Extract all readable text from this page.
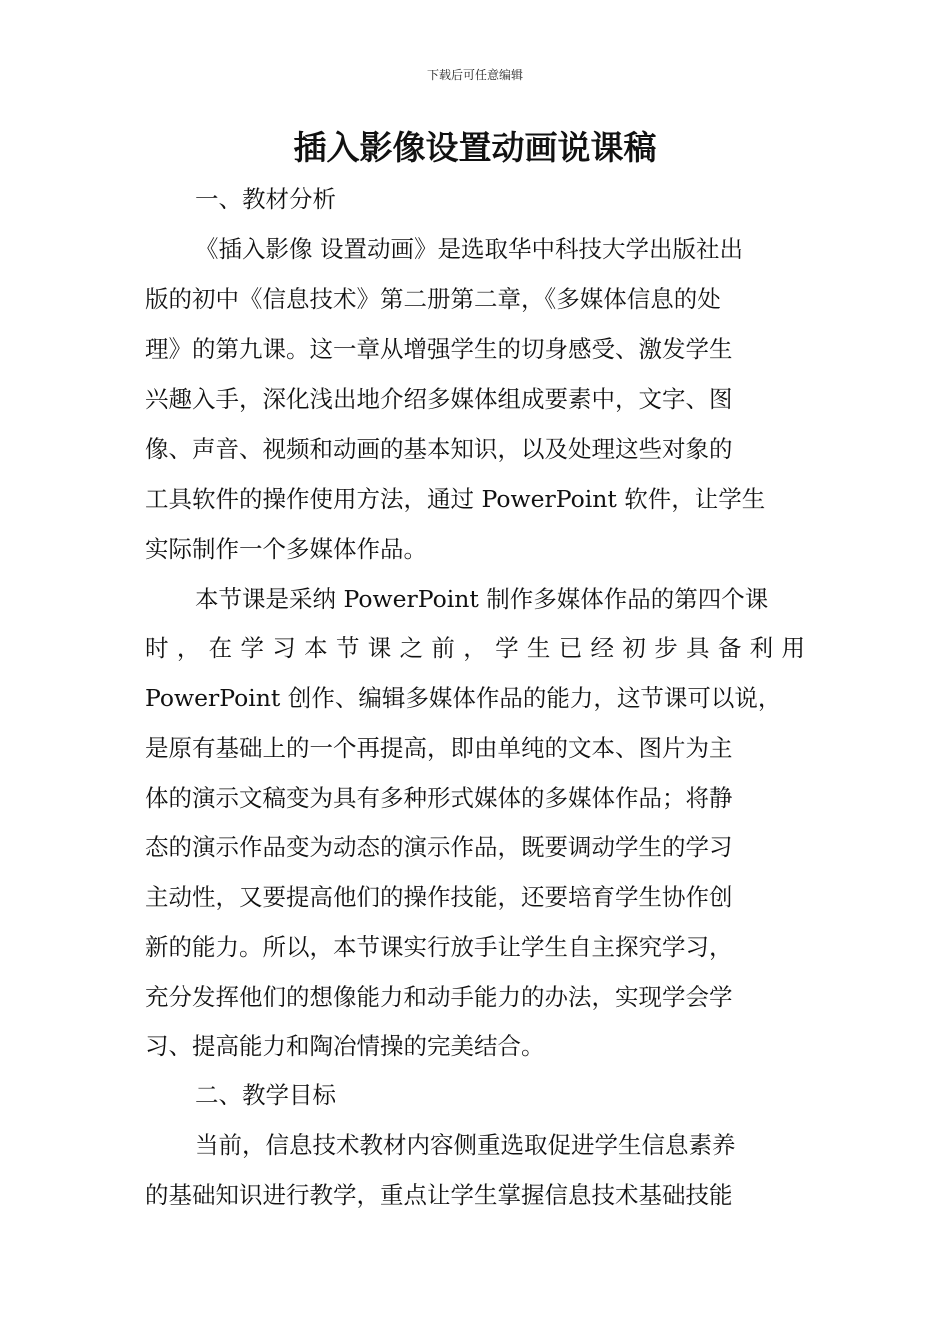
下载后可任意编辑
插入影像设置动画说课稿
一、教材分析
《插入影像 设置动画》是选取华中科技大学出版社出
版的初中《信息技术》第二册第二章，《多媒体信息的处
理》的第九课。这一章从增强学生的切身感受、激发学生
兴趣入手，深化浅出地介绍多媒体组成要素中，文字、图
像、声音、视频和动画的基本知识，以及处理这些对象的
工具软件的操作使用方法，通过 PowerPoint 软件，让学生
实际制作一个多媒体作品。
本节课是采纳 PowerPoint 制作多媒体作品的第四个课
时，在学习本节课之前，学生已经初步具备利用
PowerPoint 创作、编辑多媒体作品的能力，这节课可以说，
是原有基础上的一个再提高，即由单纯的文本、图片为主
体的演示文稿变为具有多种形式媒体的多媒体作品；将静
态的演示作品变为动态的演示作品，既要调动学生的学习
主动性，又要提高他们的操作技能，还要培育学生协作创
新的能力。所以，本节课实行放手让学生自主探究学习，
充分发挥他们的想像能力和动手能力的办法，实现学会学
习、提高能力和陶冶情操的完美结合。
二、教学目标
当前，信息技术教材内容侧重选取促进学生信息素养
的基础知识进行教学，重点让学生掌握信息技术基础技能
